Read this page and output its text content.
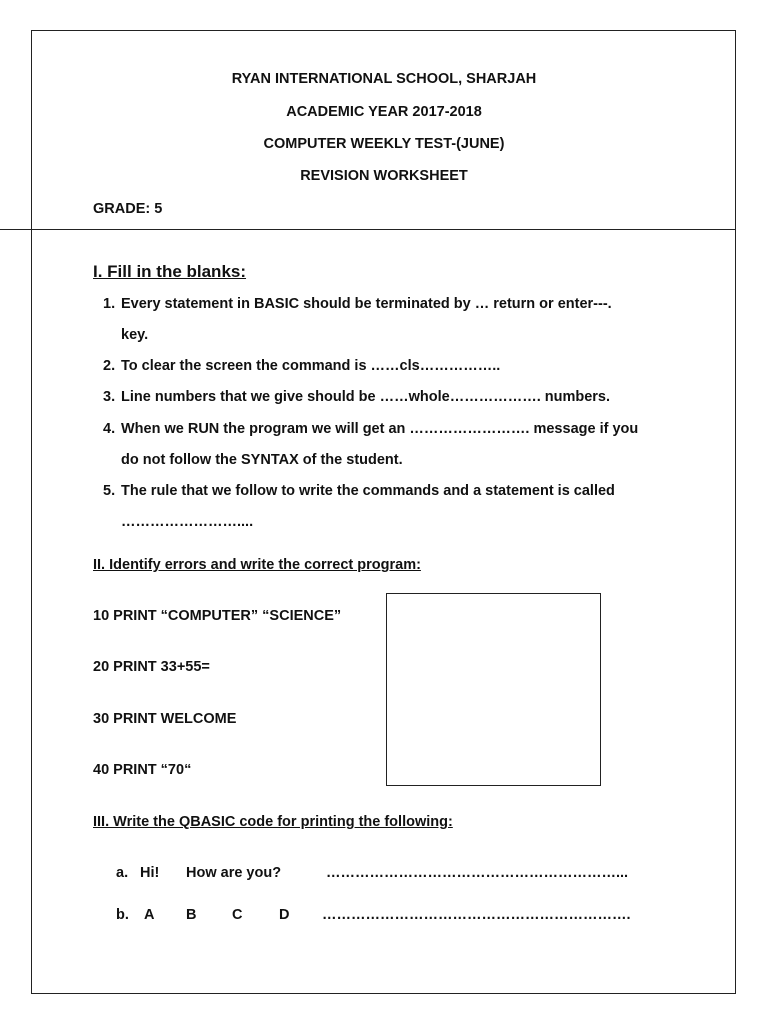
RYAN INTERNATIONAL SCHOOL, SHARJAH
ACADEMIC YEAR 2017-2018
COMPUTER WEEKLY TEST-(JUNE)
REVISION WORKSHEET
GRADE: 5
I. Fill in the blanks:
1. Every statement in BASIC should be terminated by … return or enter---.
key.
2. To clear the screen the command is ……cls……………..
3. Line numbers that we give should be ……whole………………. numbers.
4. When we RUN the program we will get an ……………………. message if you
do not follow the SYNTAX of the student.
5. The rule that we follow to write the commands and a statement is called
……………………....
II. Identify errors and write the correct program:
10 PRINT “COMPUTER” “SCIENCE”
20 PRINT 33+55=
30 PRINT WELCOME
40 PRINT “70“
III. Write the QBASIC code for printing the following:
a. Hi! How are you?	……………………………………………………...
b. A B C	D ……………………………………………………….
